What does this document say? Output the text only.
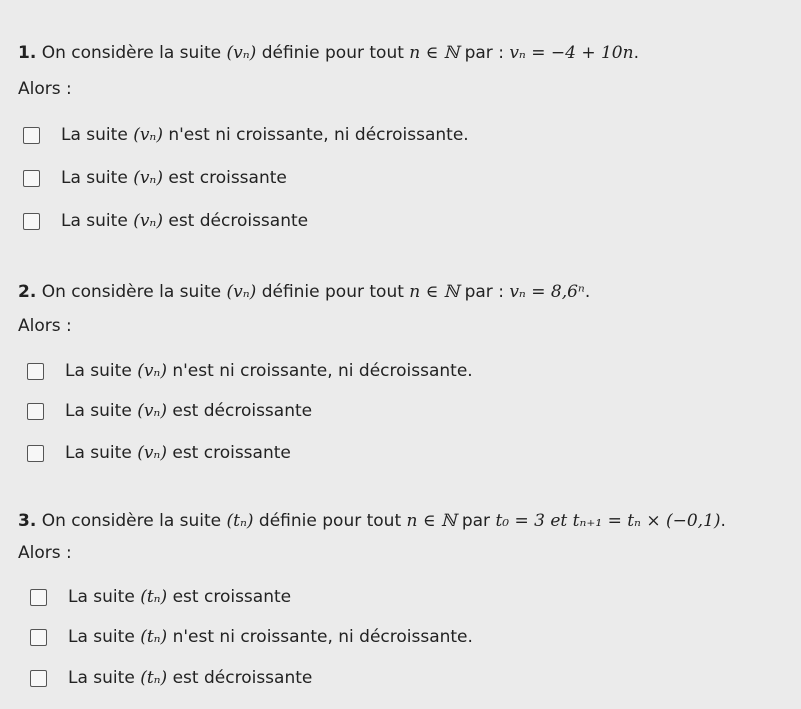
1. On considère la suite (vₙ) définie pour tout n ∈ ℕ par : vₙ = −4 + 10n.
Alors :
La suite (vₙ) n'est ni croissante, ni décroissante.
La suite (vₙ) est croissante
La suite (vₙ) est décroissante
2. On considère la suite (vₙ) définie pour tout n ∈ ℕ par : vₙ = 8,6ⁿ.
Alors :
La suite (vₙ) n'est ni croissante, ni décroissante.
La suite (vₙ) est décroissante
La suite (vₙ) est croissante
3. On considère la suite (tₙ) définie pour tout n ∈ ℕ par t₀ = 3 et tₙ₊₁ = tₙ × (−0,1).
Alors :
La suite (tₙ) est croissante
La suite (tₙ) n'est ni croissante, ni décroissante.
La suite (tₙ) est décroissante
